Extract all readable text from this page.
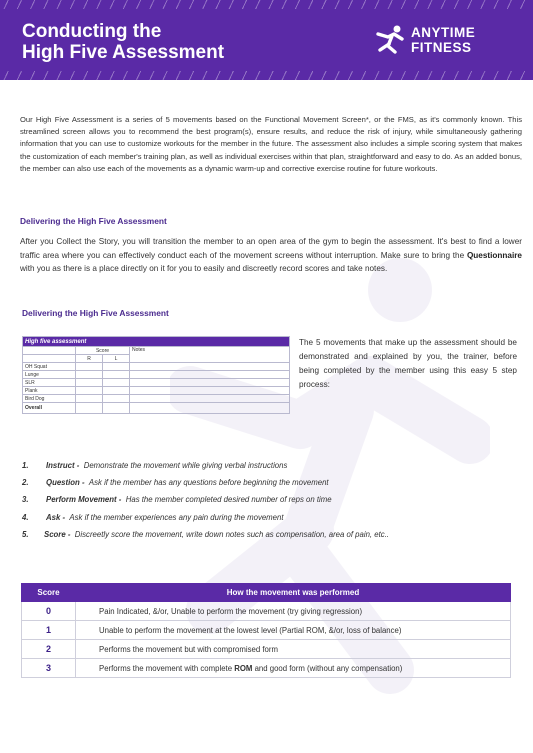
Conducting the
High Five Assessment
ANYTIME
FITNESS

Our High Five Assessment is a series of 5 movements based on the Functional Movement Screen*, or the FMS, as it's commonly known. This streamlined screen allows you to recommend the best program(s), ensure results, and reduce the risk of injury, while simultaneously gathering information that you can use to customize workouts for the member in the future. The assessment also includes a simple scoring system that makes the customization of each member's training plan, as well as individual exercises within that plan, straightforward and easy to do. As an added bonus, the member can also use each of the movements as a dynamic warm-up and corrective exercise routine for future workouts.

Delivering the High Five Assessment

After you Collect the Story, you will transition the member to an open area of the gym to begin the assessment. It's best to find a lower traffic area where you can effectively conduct each of the movement screens without interruption. Make sure to bring the Questionnaire with you as there is a place directly on it for you to easily and discreetly record scores and take notes.

Delivering the High Five Assessment
High five assessment			
	Score		Notes
	R	L	
OH Squat			
Lunge			
SLR			
Plank			
Bird Dog			
Overall			

The 5 movements that make up the assessment should be demonstrated and explained by you, the trainer, before being completed by the member using this easy 5 step process:

1. Instruct - Demonstrate the movement while giving verbal instructions
2. Question - Ask if the member has any questions before beginning the movement
3. Perform Movement - Has the member completed desired number of reps on time
4. Ask - Ask if the member experiences any pain during the movement
5. Score - Discreetly score the movement, write down notes such as compensation, area of pain, etc..
Score	How the movement was performed
0	Pain Indicated, &/or, Unable to perform the movement (try giving regression)
1	Unable to perform the movement at the lowest level (Partial ROM, &/or, loss of balance)
2	Performs the movement but with compromised form
3	Performs the movement with complete ROM and good form (without any compensation)
